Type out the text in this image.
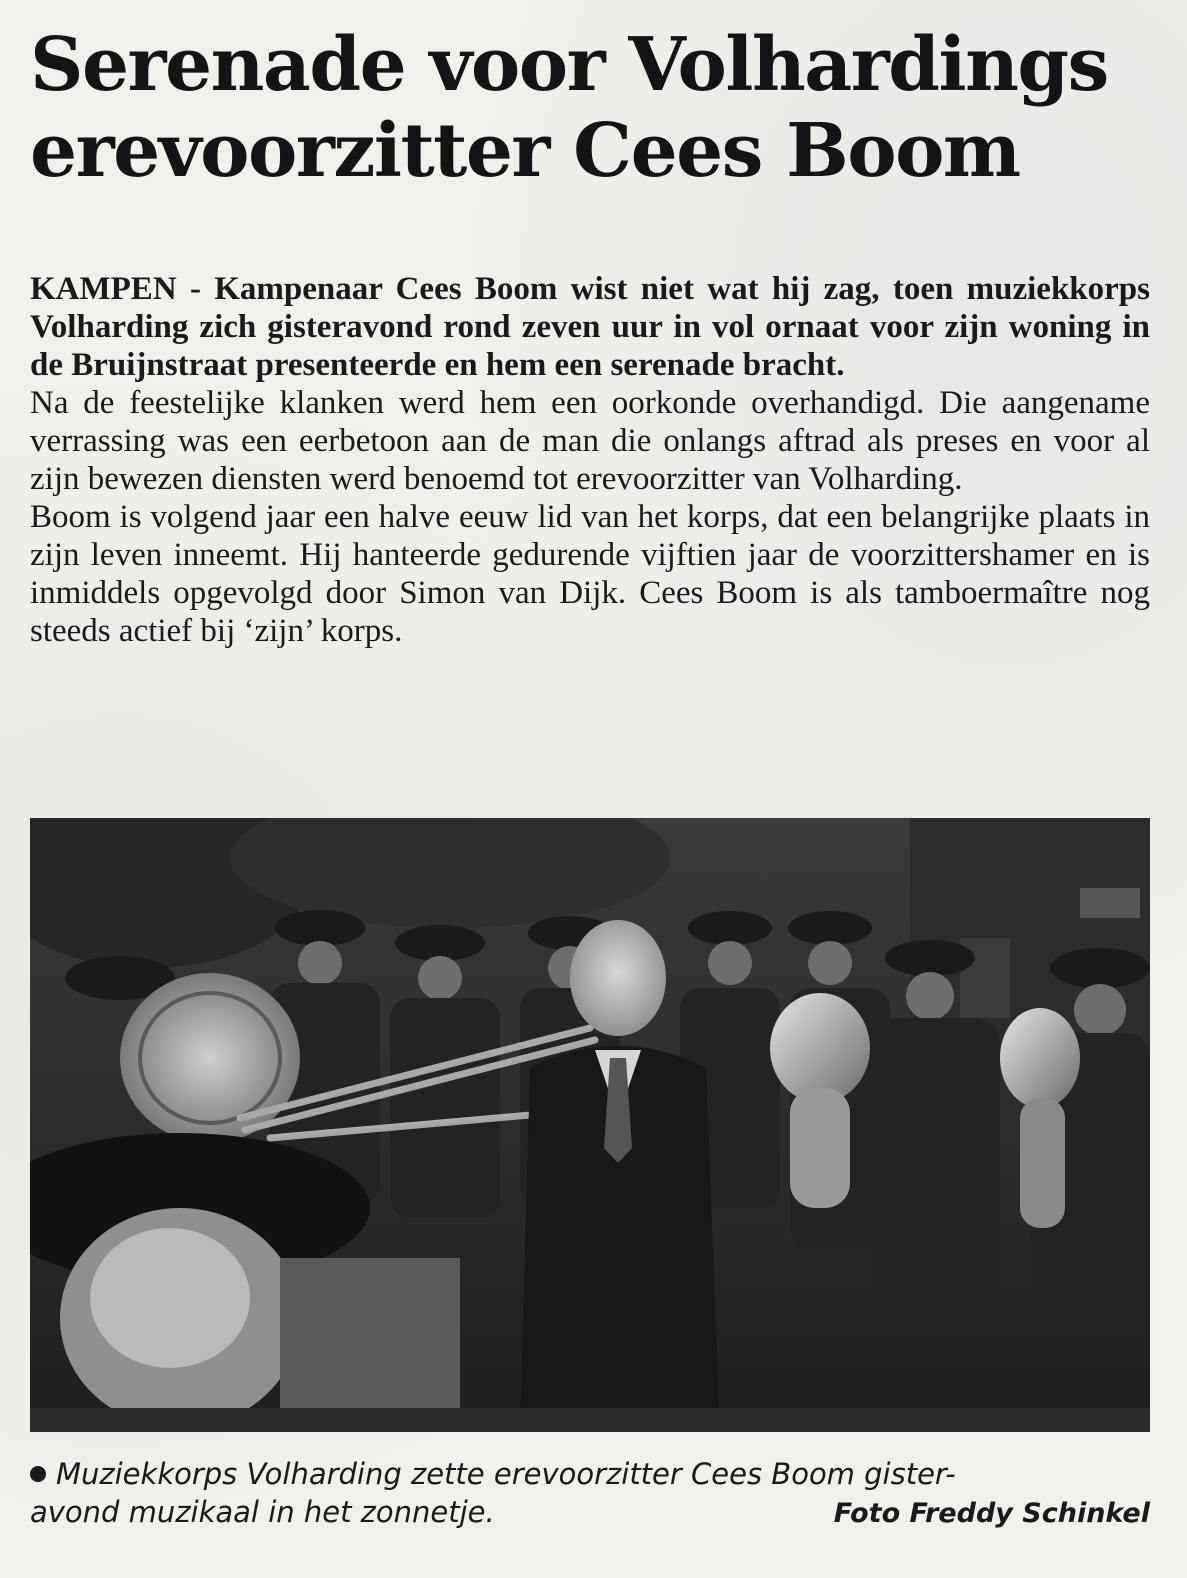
Serenade voor Volhardings
erevoorzitter Cees Boom

KAMPEN - Kampenaar Cees Boom wist niet wat hij zag, toen muziekkorps Volharding zich gisteravond rond zeven uur in vol ornaat voor zijn woning in de Bruijnstraat presenteerde en hem een serenade bracht.

Na de feestelijke klanken werd hem een oorkonde overhandigd. Die aangename verrassing was een eerbetoon aan de man die onlangs aftrad als preses en voor al zijn bewezen diensten werd benoemd tot erevoorzitter van Volharding.

Boom is volgend jaar een halve eeuw lid van het korps, dat een belangrijke plaats in zijn leven inneemt. Hij hanteerde gedurende vijftien jaar de voorzittershamer en is inmiddels opgevolgd door Simon van Dijk. Cees Boom is als tamboermaître nog steeds actief bij ‘zijn’ korps.

Muziekkorps Volharding zette erevoorzitter Cees Boom gister-
avond muzikaal in het zonnetje.	Foto Freddy Schinkel
